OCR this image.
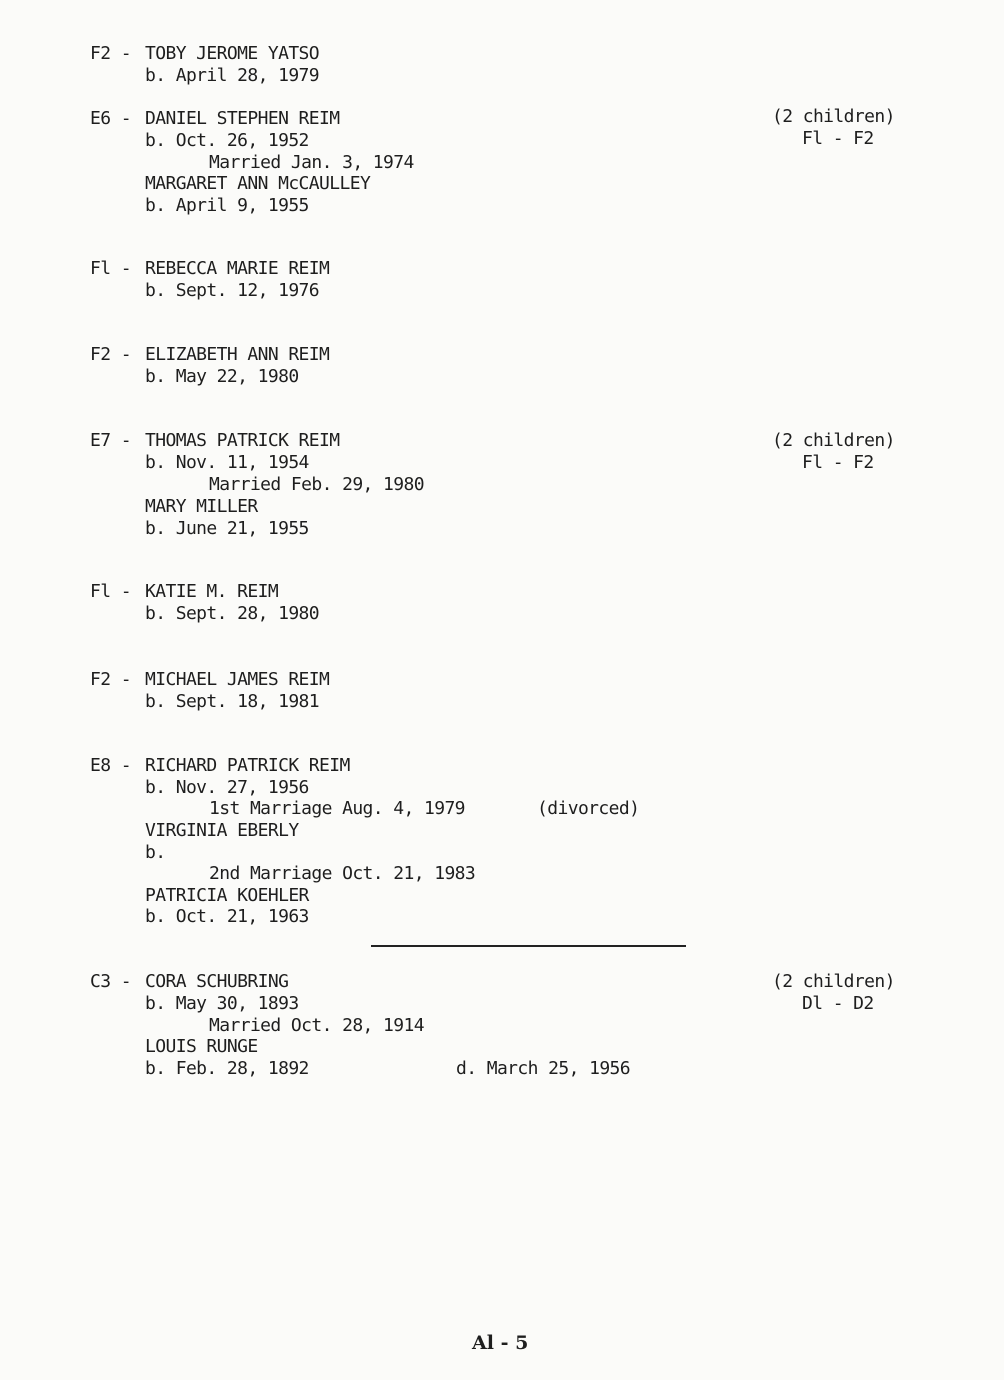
F2 - TOBY JEROME YATSO
b. April 28, 1979
E6 - DANIEL STEPHEN REIM
b. Oct. 26, 1952
Married Jan. 3, 1974
MARGARET ANN McCAULLEY
b. April 9, 1955
(2 children)
Fl - F2
Fl - REBECCA MARIE REIM
b. Sept. 12, 1976
F2 - ELIZABETH ANN REIM
b. May 22, 1980
E7 - THOMAS PATRICK REIM
b. Nov. 11, 1954
Married Feb. 29, 1980
MARY MILLER
b. June 21, 1955
(2 children)
Fl - F2
Fl - KATIE M. REIM
b. Sept. 28, 1980
F2 - MICHAEL JAMES REIM
b. Sept. 18, 1981
E8 - RICHARD PATRICK REIM
b. Nov. 27, 1956
1st Marriage Aug. 4, 1979	(divorced)
VIRGINIA EBERLY
b.
2nd Marriage Oct. 21, 1983
PATRICIA KOEHLER
b. Oct. 21, 1963
C3 - CORA SCHUBRING
b. May 30, 1893
Married Oct. 28, 1914
LOUIS RUNGE
b. Feb. 28, 1892	d. March 25, 1956
(2 children)
Dl - D2
Al - 5
